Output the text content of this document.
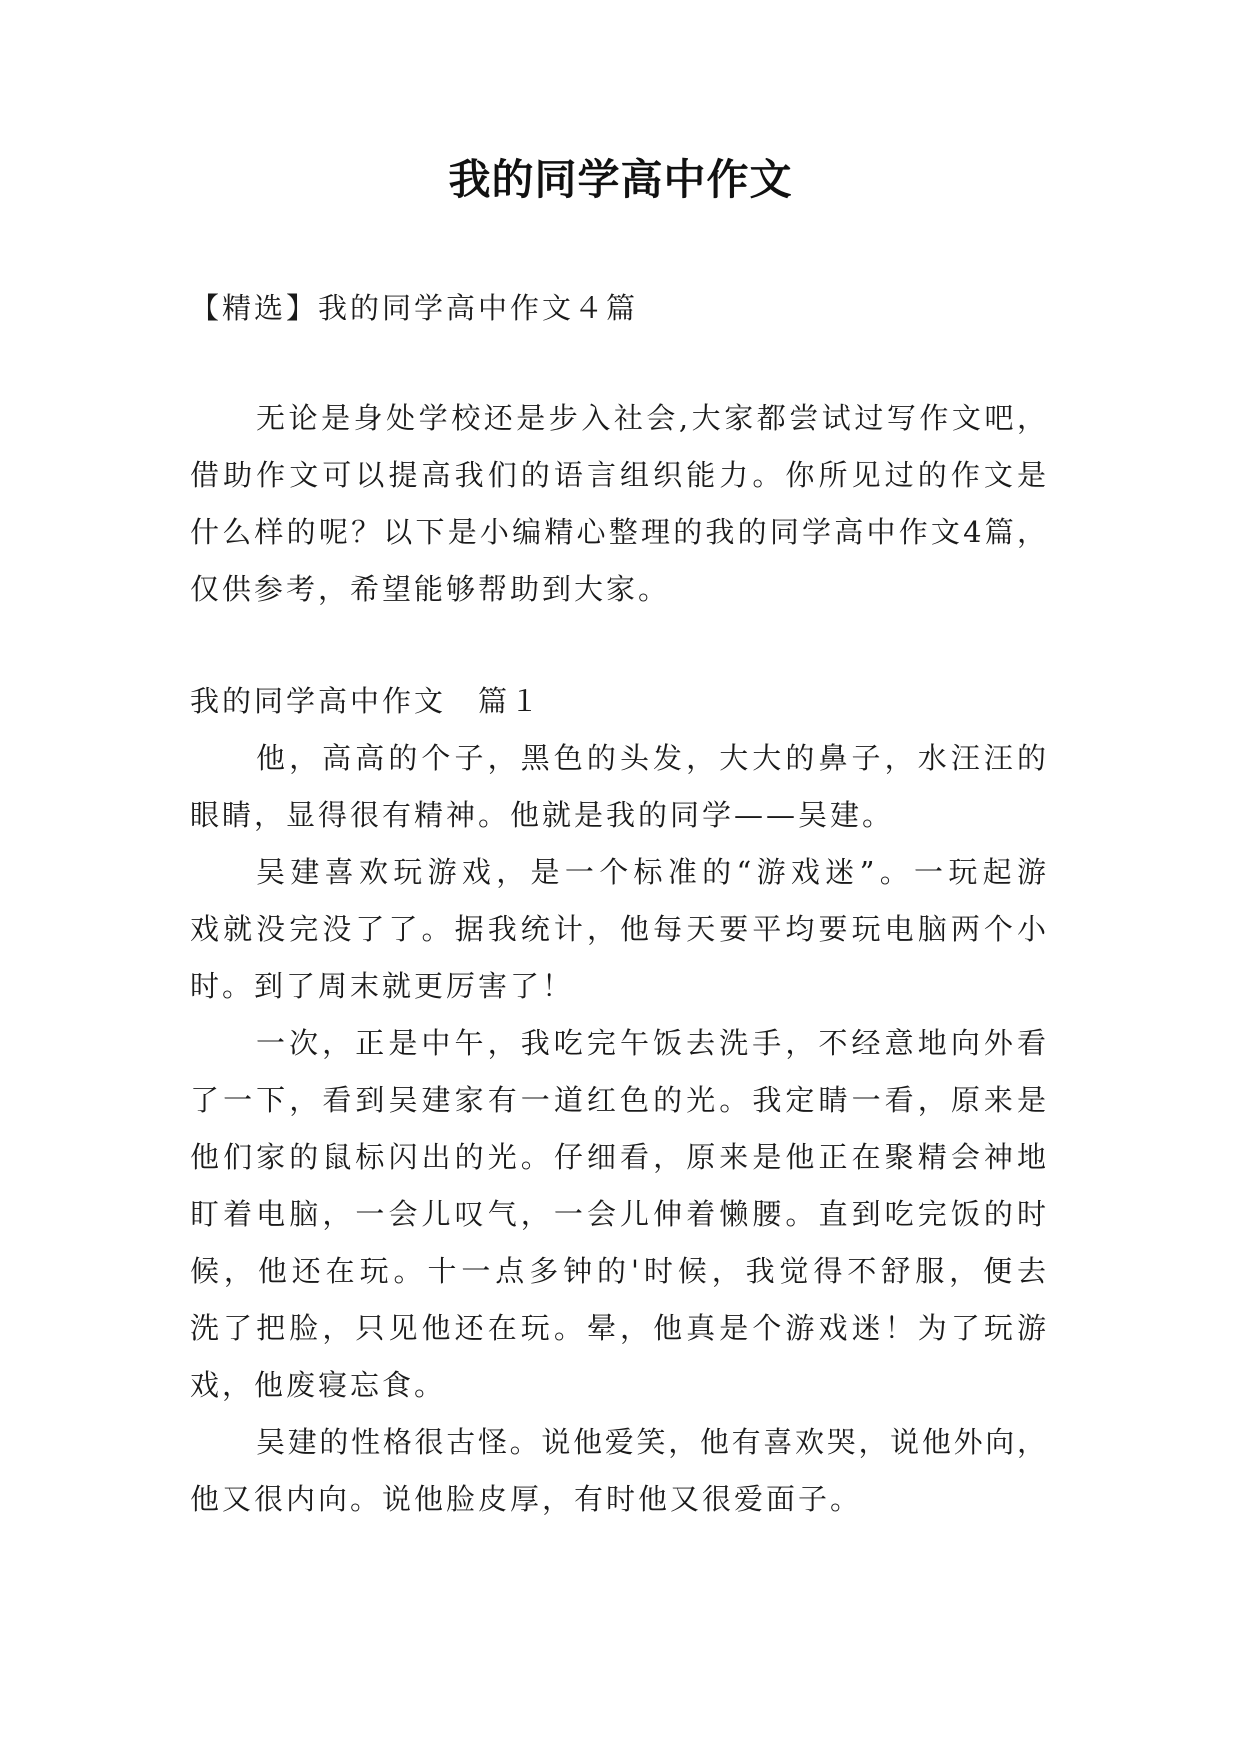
我的同学高中作文
【精选】我的同学高中作文４篇
无论是身处学校还是步入社会,大家都尝试过写作文吧，
借助作文可以提高我们的语言组织能力。你所见过的作文是
什么样的呢？以下是小编精心整理的我的同学高中作文4篇，
仅供参考，希望能够帮助到大家。
我的同学高中作文　篇１
他，高高的个子，黑色的头发，大大的鼻子，水汪汪的
眼睛，显得很有精神。他就是我的同学——吴建。
吴建喜欢玩游戏，是一个标准的“游戏迷”。一玩起游
戏就没完没了了。据我统计，他每天要平均要玩电脑两个小
时。到了周末就更厉害了！
一次，正是中午，我吃完午饭去洗手，不经意地向外看
了一下，看到吴建家有一道红色的光。我定睛一看，原来是
他们家的鼠标闪出的光。仔细看，原来是他正在聚精会神地
盯着电脑，一会儿叹气，一会儿伸着懒腰。直到吃完饭的时
候，他还在玩。十一点多钟的'时候，我觉得不舒服，便去
洗了把脸，只见他还在玩。晕，他真是个游戏迷！为了玩游
戏，他废寝忘食。
吴建的性格很古怪。说他爱笑，他有喜欢哭，说他外向，
他又很内向。说他脸皮厚，有时他又很爱面子。
